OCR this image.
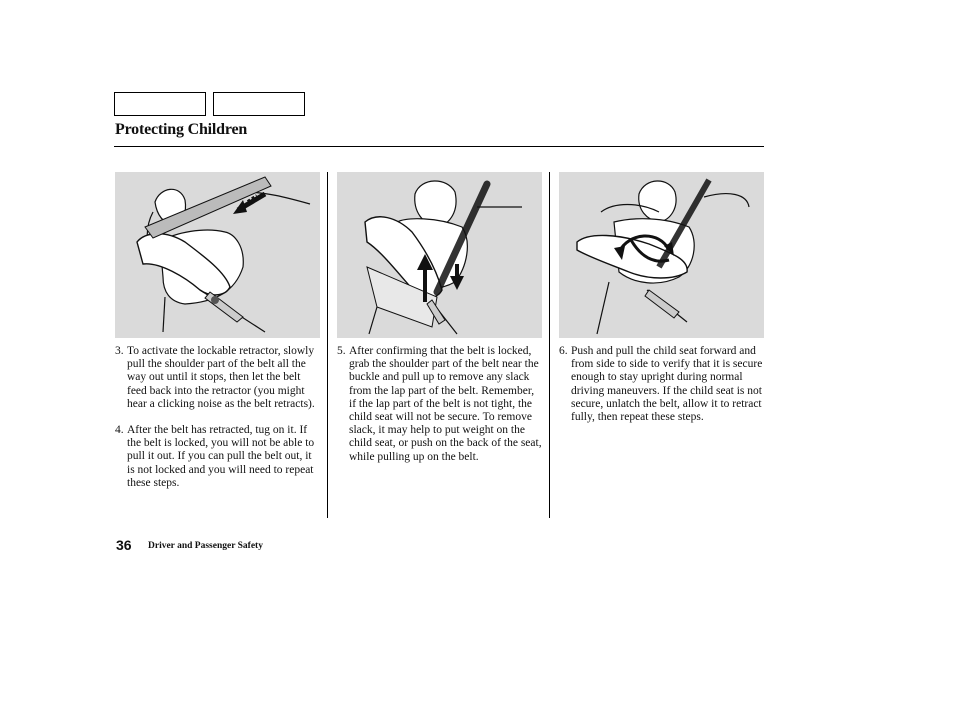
Protecting Children
3. To activate the lockable retractor, slowly pull the shoulder part of the belt all the way out until it stops, then let the belt feed back into the retractor (you might hear a clicking noise as the belt retracts).
4. After the belt has retracted, tug on it. If the belt is locked, you will not be able to pull it out. If you can pull the belt out, it is not locked and you will need to repeat these steps.
5. After confirming that the belt is locked, grab the shoulder part of the belt near the buckle and pull up to remove any slack from the lap part of the belt. Remember, if the lap part of the belt is not tight, the child seat will not be secure. To remove slack, it may help to put weight on the child seat, or push on the back of the seat, while pulling up on the belt.
6. Push and pull the child seat forward and from side to side to verify that it is secure enough to stay upright during normal driving maneuvers. If the child seat is not secure, unlatch the belt, allow it to retract fully, then repeat these steps.
36 Driver and Passenger Safety
